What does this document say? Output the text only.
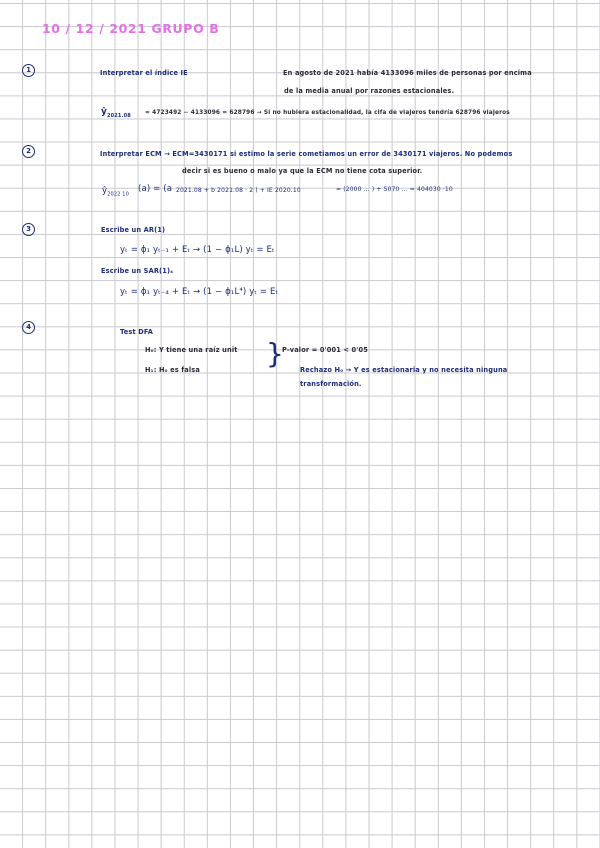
10 / 12 / 2021 GRUPO B
1	Interpretar el índice IE	En agosto de 2021 había 4133096 miles de personas por encima
de la media anual por razones estacionales.
= 4723492 − 4133096 = 628796 → Si no hubiera estacionalidad, la cifa de viajeros tendría 628796 viajeros
$ŷ_{2021.08}$
2	Interpretar ECM → ECM=3430171 si estimo la serie cometiamos un error de 3430171 viajeros. No podemos
decir si es bueno o malo ya que la ECM no tiene cota superior.
$ŷ_{2022 10}$
(a) = (a 2021.08 + b 2021.08 · 2 ) + IE 2020.10	= (2000 … ) + 5070 … = 404030 ·10
3	Escribe un AR(1)
yₜ = ϕ₁ yₜ₋₁ + Eₜ → (1 − ϕ₁L) yₜ = Eₜ
Escribe un SAR(1)₄
yₜ = ϕ₁ yₜ₋₄ + Eₜ → (1 − ϕ₁L⁴) yₜ = Eₜ
4
Test DFA
H₀: Y tiene una raíz unit }
P-valor = 0'001 < 0'05
H₁: H₀ es falsa	Rechazo H₀ → Y es estacionaria y no necesita ninguna
transformación.
